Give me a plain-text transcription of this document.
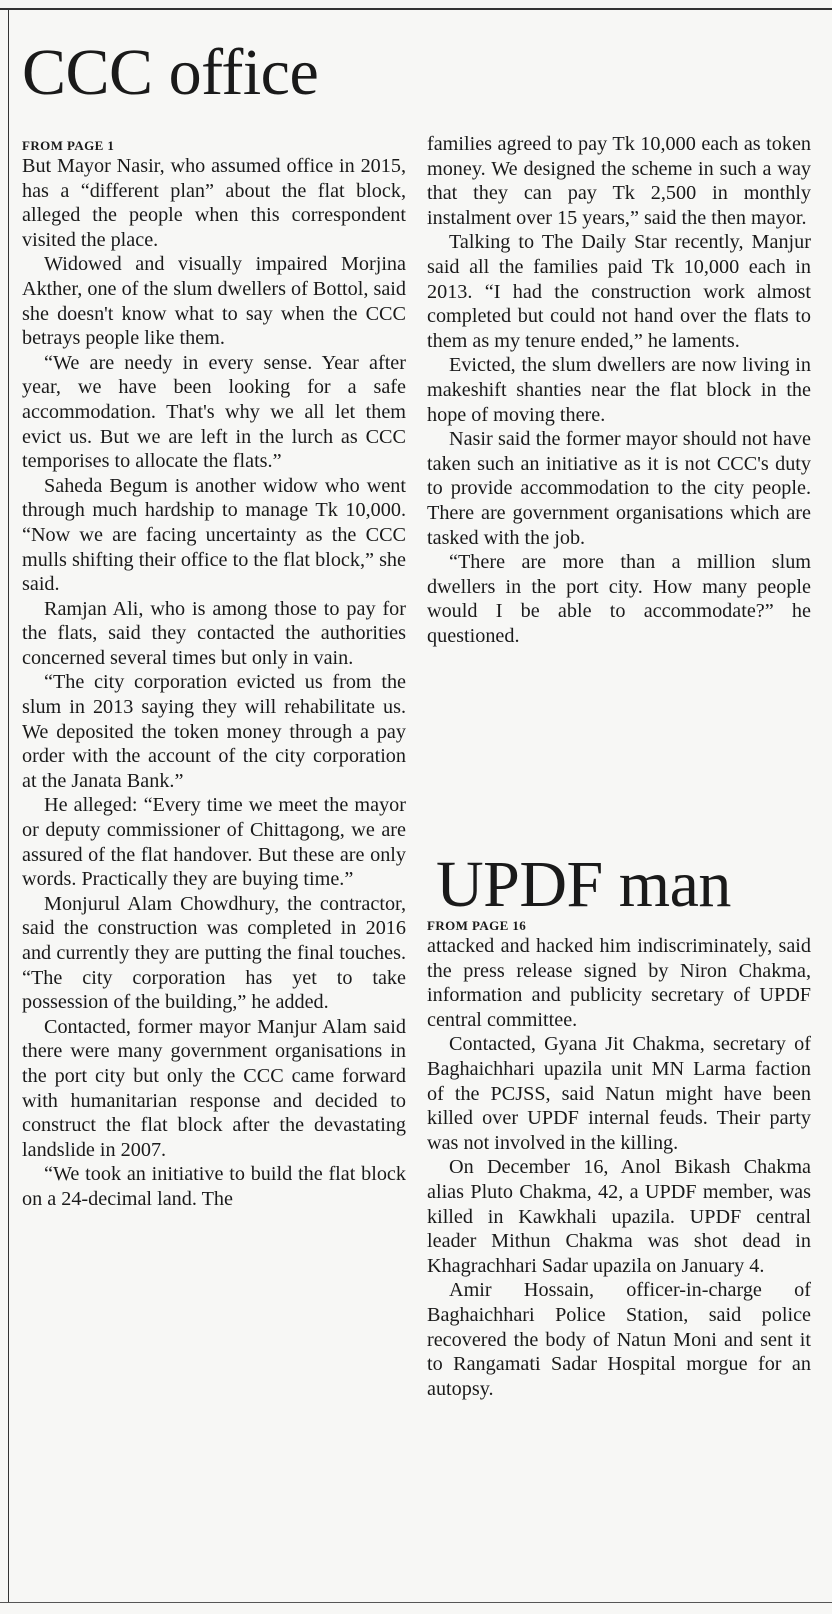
CCC office

FROM PAGE 1

But Mayor Nasir, who assumed office in 2015, has a “different plan” about the flat block, alleged the people when this correspondent visited the place.

Widowed and visually impaired Morjina Akther, one of the slum dwellers of Bottol, said she doesn't know what to say when the CCC betrays people like them.

“We are needy in every sense. Year after year, we have been looking for a safe accommodation. That's why we all let them evict us. But we are left in the lurch as CCC temporises to allocate the flats.”

Saheda Begum is another widow who went through much hardship to manage Tk 10,000. “Now we are facing uncertainty as the CCC mulls shifting their office to the flat block,” she said.

Ramjan Ali, who is among those to pay for the flats, said they contacted the authorities concerned several times but only in vain.

“The city corporation evicted us from the slum in 2013 saying they will rehabilitate us. We deposited the token money through a pay order with the account of the city corporation at the Janata Bank.”

He alleged: “Every time we meet the mayor or deputy commissioner of Chittagong, we are assured of the flat handover. But these are only words. Practically they are buying time.”

Monjurul Alam Chowdhury, the contractor, said the construction was completed in 2016 and currently they are putting the final touches. “The city corporation has yet to take possession of the building,” he added.

Contacted, former mayor Manjur Alam said there were many government organisations in the port city but only the CCC came forward with humanitarian response and decided to construct the flat block after the devastating landslide in 2007.

“We took an initiative to build the flat block on a 24-decimal land. The

families agreed to pay Tk 10,000 each as token money. We designed the scheme in such a way that they can pay Tk 2,500 in monthly instalment over 15 years,” said the then mayor.

Talking to The Daily Star recently, Manjur said all the families paid Tk 10,000 each in 2013. “I had the construction work almost completed but could not hand over the flats to them as my tenure ended,” he laments.

Evicted, the slum dwellers are now living in makeshift shanties near the flat block in the hope of moving there.

Nasir said the former mayor should not have taken such an initiative as it is not CCC's duty to provide accommodation to the city people. There are government organisations which are tasked with the job.

“There are more than a million slum dwellers in the port city. How many people would I be able to accommodate?” he questioned.

UPDF man

FROM PAGE 16

attacked and hacked him indiscriminately, said the press release signed by Niron Chakma, information and publicity secretary of UPDF central committee.

Contacted, Gyana Jit Chakma, secretary of Baghaichhari upazila unit MN Larma faction of the PCJSS, said Natun might have been killed over UPDF internal feuds. Their party was not involved in the killing.

On December 16, Anol Bikash Chakma alias Pluto Chakma, 42, a UPDF member, was killed in Kawkhali upazila. UPDF central leader Mithun Chakma was shot dead in Khagrachhari Sadar upazila on January 4.

Amir Hossain, officer-in-charge of Baghaichhari Police Station, said police recovered the body of Natun Moni and sent it to Rangamati Sadar Hospital morgue for an autopsy.
